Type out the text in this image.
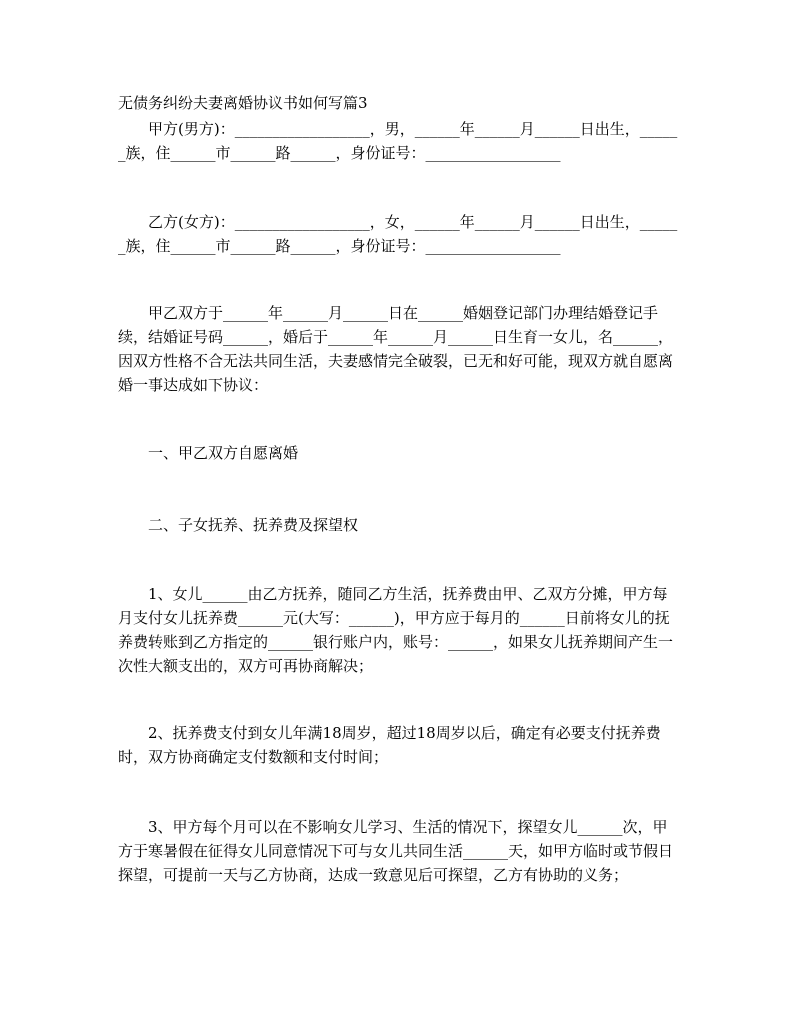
无债务纠纷夫妻离婚协议书如何写篇3

甲方(男方)：__________________，男，______年______月______日出生，______族，住______市______路______，身份证号：__________________

乙方(女方)：__________________，女，______年______月______日出生，______族，住______市______路______，身份证号：__________________

甲乙双方于______年______月______日在______婚姻登记部门办理结婚登记手续，结婚证号码______，婚后于______年______月______日生育一女儿，名______，因双方性格不合无法共同生活，夫妻感情完全破裂，已无和好可能，现双方就自愿离婚一事达成如下协议：

一、甲乙双方自愿离婚

二、子女抚养、抚养费及探望权

1、女儿______由乙方抚养，随同乙方生活，抚养费由甲、乙双方分摊，甲方每月支付女儿抚养费______元(大写：______)，甲方应于每月的______日前将女儿的抚养费转账到乙方指定的______银行账户内，账号：______，如果女儿抚养期间产生一次性大额支出的，双方可再协商解决；

2、抚养费支付到女儿年满18周岁，超过18周岁以后，确定有必要支付抚养费时，双方协商确定支付数额和支付时间；

3、甲方每个月可以在不影响女儿学习、生活的情况下，探望女儿______次，甲方于寒暑假在征得女儿同意情况下可与女儿共同生活______天，如甲方临时或节假日探望，可提前一天与乙方协商，达成一致意见后可探望，乙方有协助的义务；
